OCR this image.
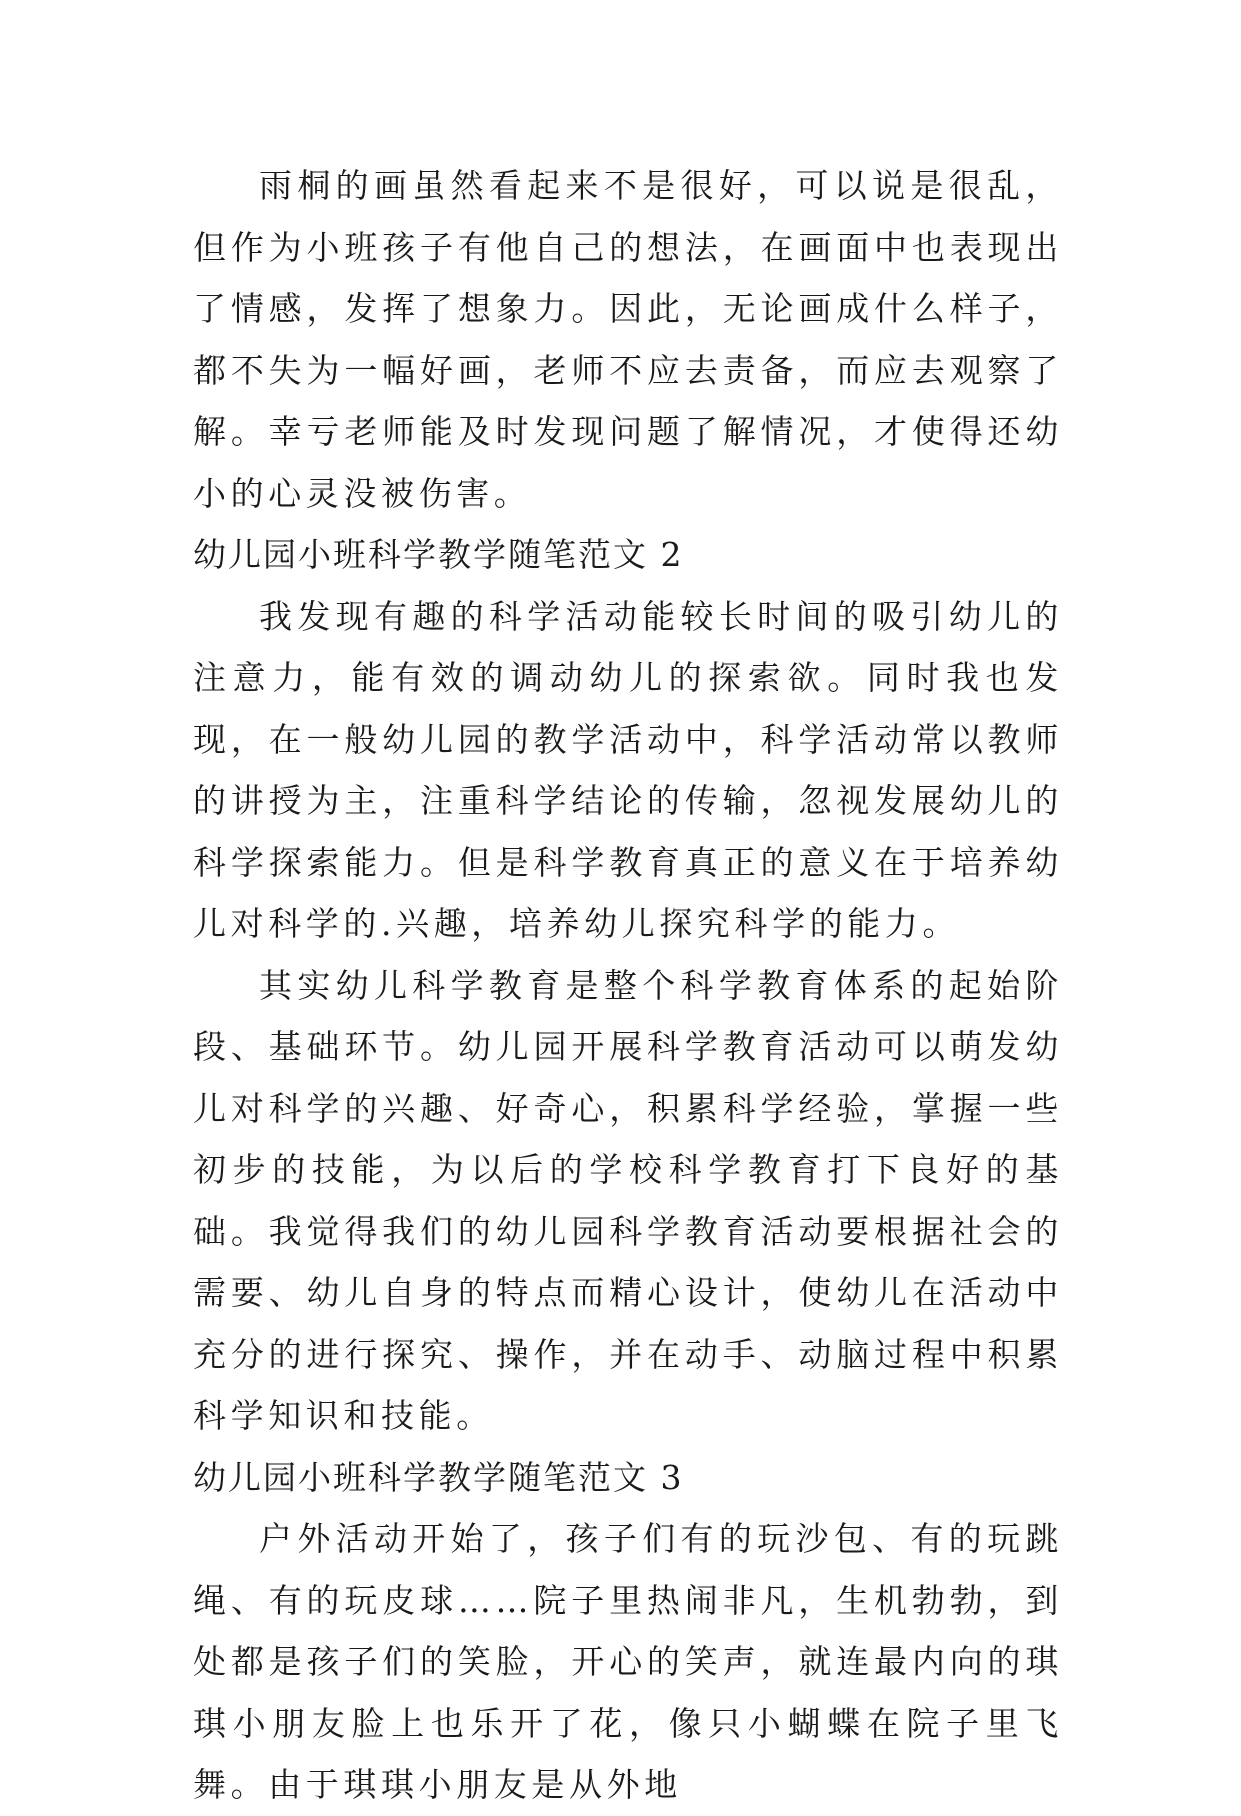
雨桐的画虽然看起来不是很好，可以说是很乱，但作为小班孩子有他自己的想法，在画面中也表现出了情感，发挥了想象力。因此，无论画成什么样子，都不失为一幅好画，老师不应去责备，而应去观察了解。幸亏老师能及时发现问题了解情况，才使得还幼小的心灵没被伤害。

幼儿园小班科学教学随笔范文 2

我发现有趣的科学活动能较长时间的吸引幼儿的注意力，能有效的调动幼儿的探索欲。同时我也发现，在一般幼儿园的教学活动中，科学活动常以教师的讲授为主，注重科学结论的传输，忽视发展幼儿的科学探索能力。但是科学教育真正的意义在于培养幼儿对科学的.兴趣，培养幼儿探究科学的能力。

其实幼儿科学教育是整个科学教育体系的起始阶段、基础环节。幼儿园开展科学教育活动可以萌发幼儿对科学的兴趣、好奇心，积累科学经验，掌握一些初步的技能，为以后的学校科学教育打下良好的基础。我觉得我们的幼儿园科学教育活动要根据社会的需要、幼儿自身的特点而精心设计，使幼儿在活动中充分的进行探究、操作，并在动手、动脑过程中积累科学知识和技能。

幼儿园小班科学教学随笔范文 3

户外活动开始了，孩子们有的玩沙包、有的玩跳绳、有的玩皮球……院子里热闹非凡，生机勃勃，到处都是孩子们的笑脸，开心的笑声，就连最内向的琪琪小朋友脸上也乐开了花，像只小蝴蝶在院子里飞舞。由于琪琪小朋友是从外地
